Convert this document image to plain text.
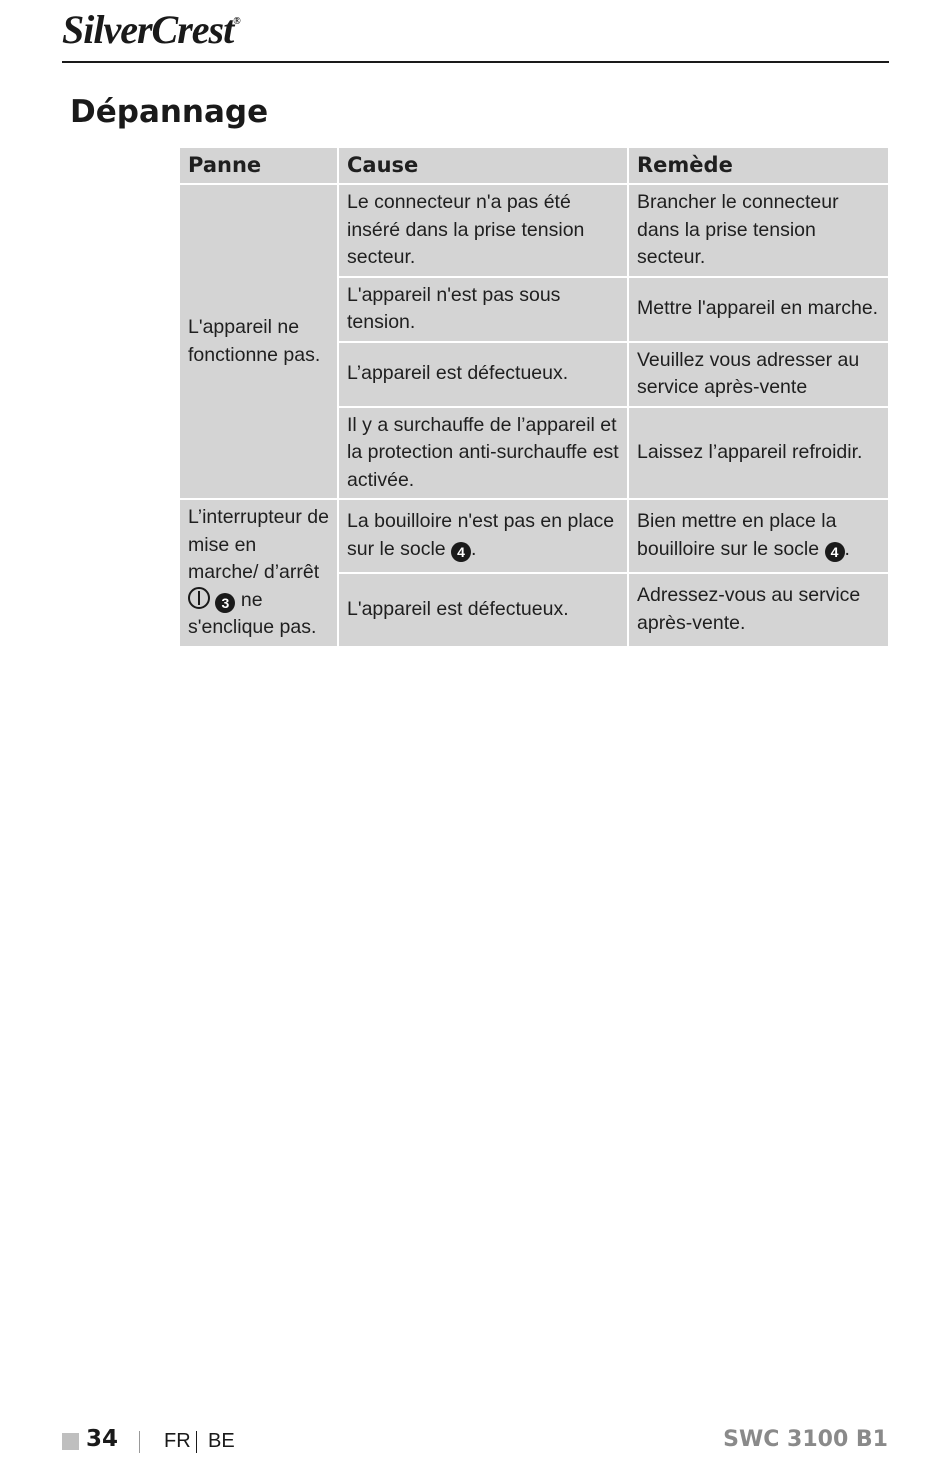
SilverCrest®
Dépannage
Panne	Cause	Remède
L'appareil ne fonctionne pas.	Le connecteur n'a pas été inséré dans la prise tension secteur.	Brancher le connecteur dans la prise tension secteur.
	L'appareil n'est pas sous tension.	Mettre l'appareil en marche.
	L’appareil est défectueux.	Veuillez vous adresser au service après-vente
	Il y a surchauffe de l’appareil et la protection anti-surchauffe est activée.	Laissez l’appareil refroidir.
L’interrupteur de mise en marche/ d’arrêt  3 ne s'enclique pas.	La bouilloire n'est pas en place sur le socle 4 .	Bien mettre en place la bouilloire sur le socle 4 .
	L'appareil est défectueux.	Adressez-vous au service après-vente.
34 FR BE	SWC 3100 B1
